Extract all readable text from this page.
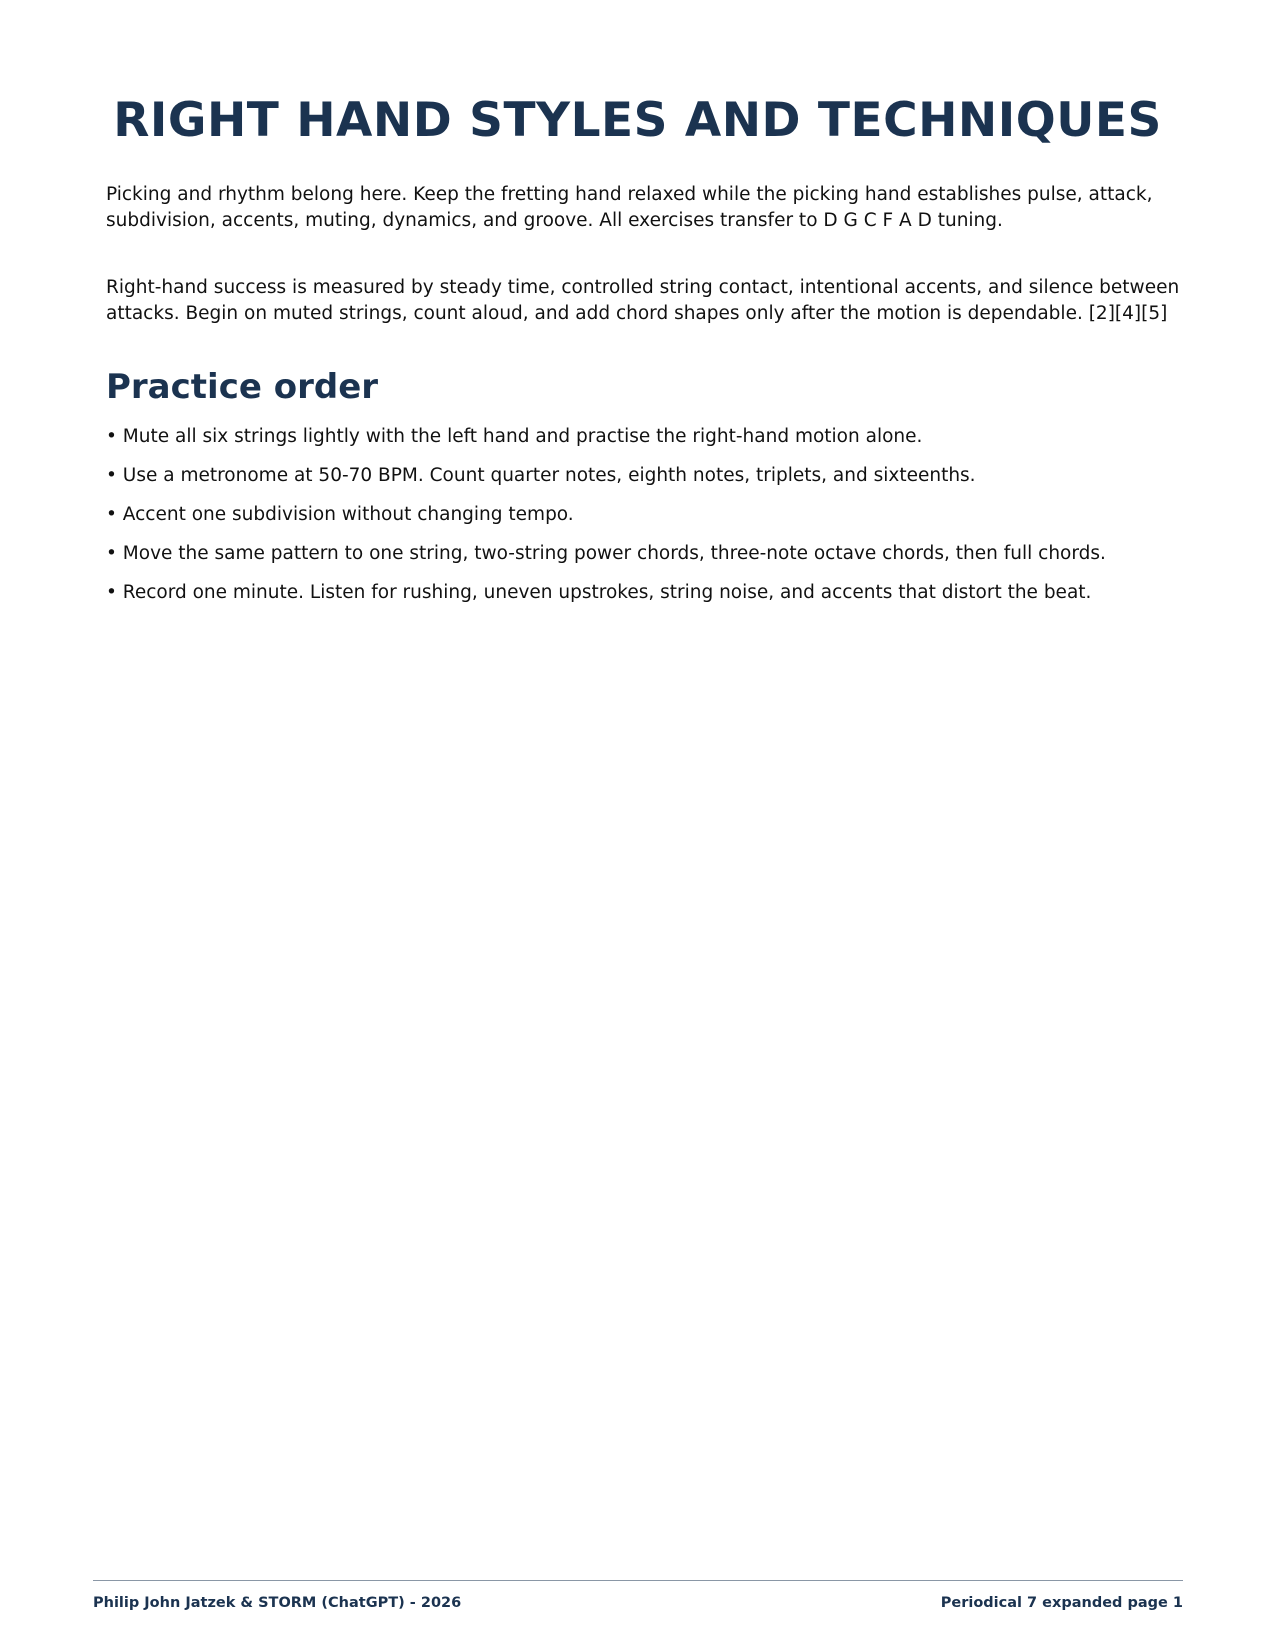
RIGHT HAND STYLES AND TECHNIQUES

Picking and rhythm belong here. Keep the fretting hand relaxed while the picking hand establishes pulse, attack, subdivision, accents, muting, dynamics, and groove. All exercises transfer to D G C F A D tuning.

Right-hand success is measured by steady time, controlled string contact, intentional accents, and silence between attacks. Begin on muted strings, count aloud, and add chord shapes only after the motion is dependable. [2][4][5]

Practice order
• Mute all six strings lightly with the left hand and practise the right-hand motion alone.
• Use a metronome at 50-70 BPM. Count quarter notes, eighth notes, triplets, and sixteenths.
• Accent one subdivision without changing tempo.
• Move the same pattern to one string, two-string power chords, three-note octave chords, then full chords.
• Record one minute. Listen for rushing, uneven upstrokes, string noise, and accents that distort the beat.
Philip John Jatzek & STORM (ChatGPT) - 2026	Periodical 7 expanded page 1
